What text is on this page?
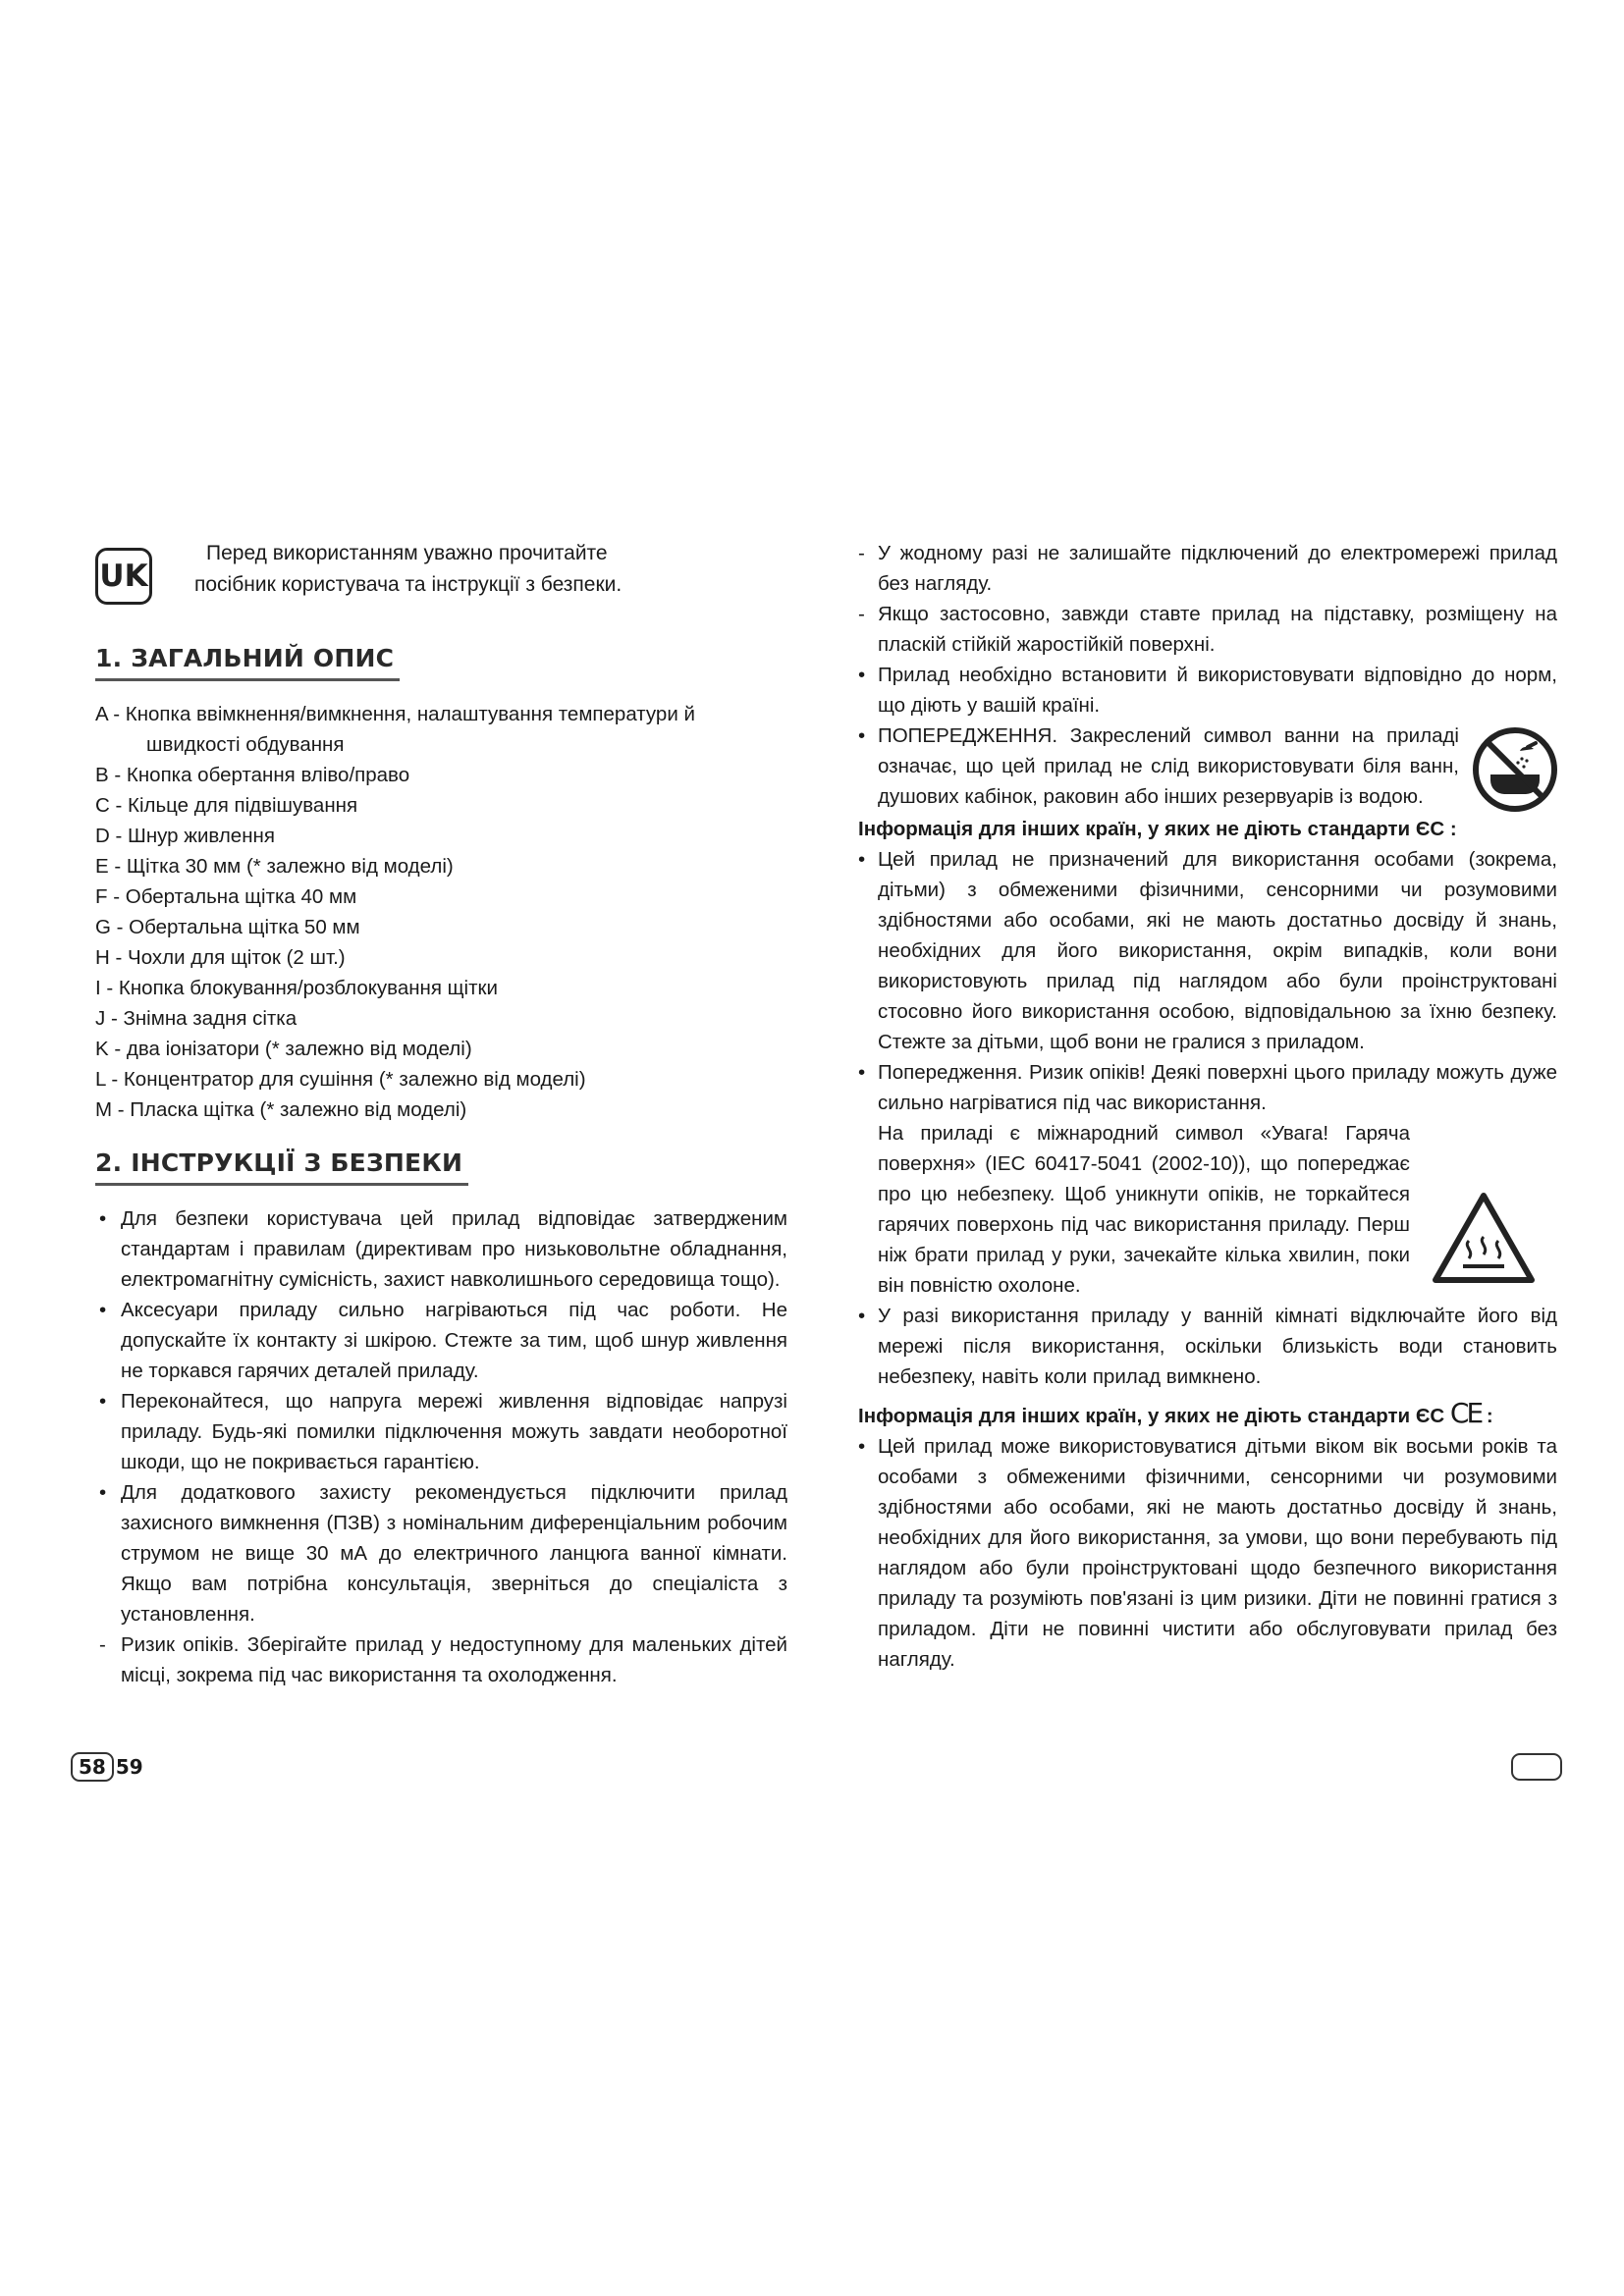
UK
Перед використанням уважно прочитайте
посібник користувача та інструкції з безпеки.
1. ЗАГАЛЬНИЙ ОПИС
A - Кнопка ввімкнення/вимкнення, налаштування температури й
швидкості обдування
B - Кнопка обертання вліво/право
C - Кільце для підвішування
D - Шнур живлення
E - Щітка 30 мм (* залежно від моделі)
F - Обертальна щітка 40 мм
G - Обертальна щітка 50 мм
H - Чохли для щіток (2 шт.)
I - Кнопка блокування/розблокування щітки
J - Знімна задня сітка
K - два іонізатори (* залежно від моделі)
L - Концентратор для сушіння (* залежно від моделі)
M - Пласка щітка (* залежно від моделі)
2. ІНСТРУКЦІЇ З БЕЗПЕКИ
• Для безпеки користувача цей прилад відповідає затвердженим стандартам і правилам (директивам про низьковольтне обладнання, електромагнітну сумісність, захист навколишнього середовища тощо).
• Аксесуари приладу сильно нагріваються під час роботи. Не допускайте їх контакту зі шкірою. Стежте за тим, щоб шнур живлення не торкався гарячих деталей приладу.
• Переконайтеся, що напруга мережі живлення відповідає напрузі приладу. Будь-які помилки підключення можуть завдати необоротної шкоди, що не покривається гарантією.
• Для додаткового захисту рекомендується підключити прилад захисного вимкнення (ПЗВ) з номінальним диференціальним робочим струмом не вище 30 мА до електричного ланцюга ванної кімнати. Якщо вам потрібна консультація, зверніться до спеціаліста з установлення.
- Ризик опіків. Зберігайте прилад у недоступному для маленьких дітей місці, зокрема під час використання та охолодження.
- У жодному разі не залишайте підключений до електромережі прилад без нагляду.
- Якщо застосовно, завжди ставте прилад на підставку, розміщену на пласкій стійкій жаростійкій поверхні.
• Прилад необхідно встановити й використовувати відповідно до норм, що діють у вашій країні.
• ПОПЕРЕДЖЕННЯ. Закреслений символ ванни на приладі означає, що цей прилад не слід використовувати біля ванн, душових кабінок, раковин або інших резервуарів із водою.
Інформація для інших країн, у яких не діють стандарти ЄС :
• Цей прилад не призначений для використання особами (зокрема, дітьми) з обмеженими фізичними, сенсорними чи розумовими здібностями або особами, які не мають достатньо досвіду й знань, необхідних для його використання, окрім випадків, коли вони використовують прилад під наглядом або були проінструктовані стосовно його використання особою, відповідальною за їхню безпеку. Стежте за дітьми, щоб вони не гралися з приладом.
• Попередження. Ризик опіків! Деякі поверхні цього приладу можуть дуже сильно нагріватися під час використання.
На приладі є міжнародний символ «Увага! Гаряча поверхня» (IEC 60417-5041 (2002-10)), що попереджає про цю небезпеку. Щоб уникнути опіків, не торкайтеся гарячих поверхонь під час використання приладу. Перш ніж брати прилад у руки, зачекайте кілька хвилин, поки він повністю охолоне.
• У разі використання приладу у ванній кімнаті відключайте його від мережі після використання, оскільки близькість води становить небезпеку, навіть коли прилад вимкнено.
Інформація для інших країн, у яких не діють стандарти ЄС CE :
• Цей прилад може використовуватися дітьми віком вік восьми років та особами з обмеженими фізичними, сенсорними чи розумовими здібностями або особами, які не мають достатньо досвіду й знань, необхідних для його використання, за умови, що вони перебувають під наглядом або були проінструктовані щодо безпечного використання приладу та розуміють пов'язані із цим ризики. Діти не повинні гратися з приладом. Діти не повинні чистити або обслуговувати прилад без нагляду.
58 59
